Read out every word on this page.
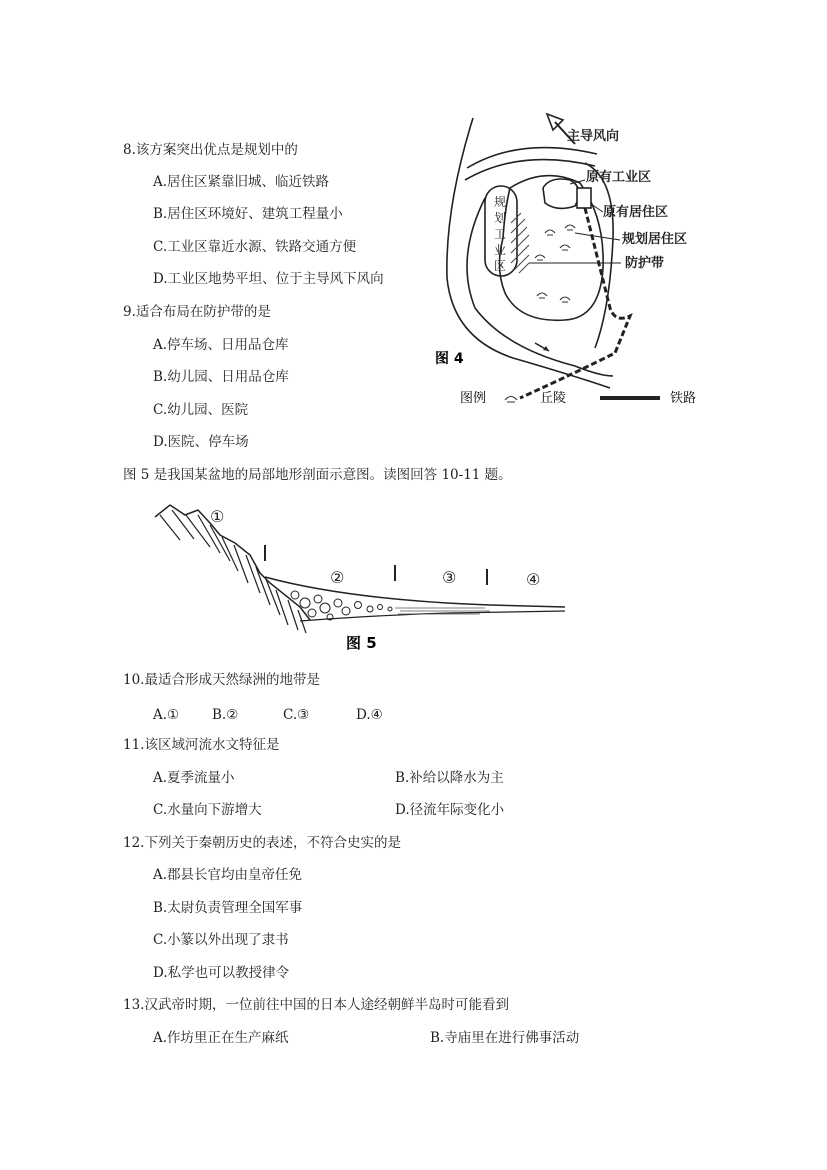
8.该方案突出优点是规划中的
A.居住区紧靠旧城、临近铁路
B.居住区环境好、建筑工程量小
C.工业区靠近水源、铁路交通方便
D.工业区地势平坦、位于主导风下风向
9.适合布局在防护带的是
A.停车场、日用品仓库
B.幼儿园、日用品仓库
C.幼儿园、医院
D.医院、停车场
主导风向
原有工业区
原有居住区
规划居住区
防护带
规
划
工
业
区
图 4
图例	丘陵	铁路
图 5 是我国某盆地的局部地形剖面示意图。读图回答 10-11 题。
①
②	③	④
图 5
10.最适合形成天然绿洲的地带是
A.① B.②	C.③	D.④
11.该区域河流水文特征是
A.夏季流量小	B.补给以降水为主
C.水量向下游增大	D.径流年际变化小
12.下列关于秦朝历史的表述，不符合史实的是
A.郡县长官均由皇帝任免
B.太尉负责管理全国军事
C.小篆以外出现了隶书
D.私学也可以教授律令
13.汉武帝时期，一位前往中国的日本人途经朝鲜半岛时可能看到
A.作坊里正在生产麻纸	B.寺庙里在进行佛事活动
